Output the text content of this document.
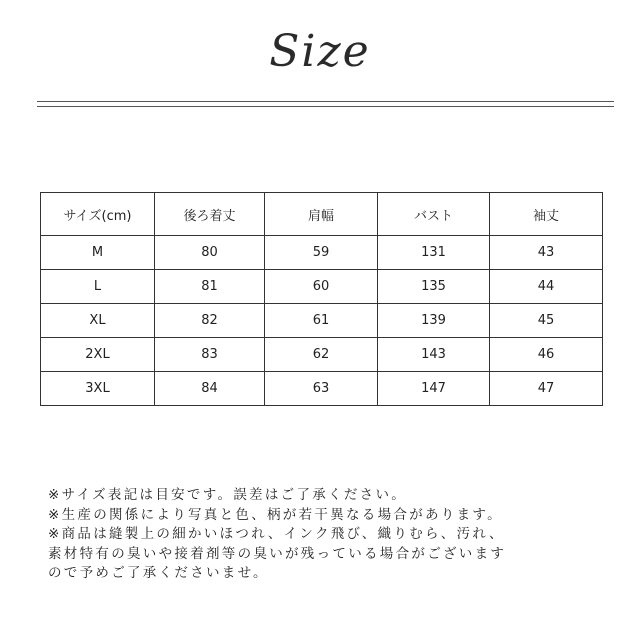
Size
サイズ(cm)	後ろ着丈	肩幅	バスト	袖丈
M	80	59	131	43
L	81	60	135	44
XL	82	61	139	45
2XL	83	62	143	46
3XL	84	63	147	47
※サイズ表記は目安です。誤差はご了承ください。
※生産の関係により写真と色、柄が若干異なる場合があります。
※商品は縫製上の細かいほつれ、インク飛び、織りむら、汚れ、
素材特有の臭いや接着剤等の臭いが残っている場合がございます
ので予めご了承くださいませ。
